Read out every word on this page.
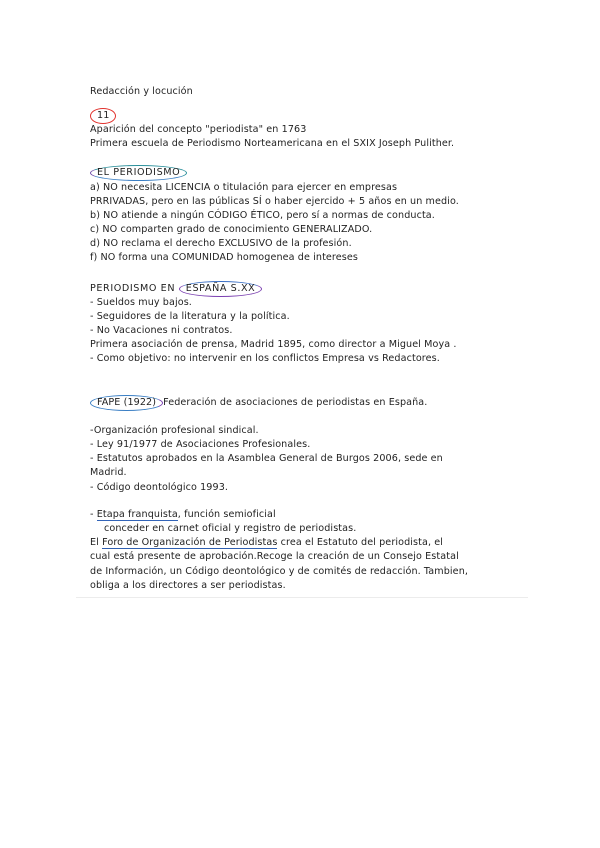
Redacción y locución
11
Aparición del concepto "periodista" en 1763
Primera escuela de Periodismo Norteamericana en el SXIX Joseph Pulither.
EL PERIODISMO
a) NO necesita LICENCIA o titulación para ejercer en empresas
PRRIVADAS, pero en las públicas SÍ o haber ejercido + 5 años en un medio.
b) NO atiende a ningún CÓDIGO ÉTICO, pero sí a normas de conducta.
c) NO comparten grado de conocimiento GENERALIZADO.
d) NO reclama el derecho EXCLUSIVO de la profesión.
f) NO forma una COMUNIDAD homogenea de intereses
PERIODISMO EN ESPAÑA S.XX
- Sueldos muy bajos.
- Seguidores de la literatura y la política.
- No Vacaciones ni contratos.
Primera asociación de prensa, Madrid 1895, como director a Miguel Moya .
- Como objetivo: no intervenir en los conflictos Empresa vs Redactores.
FAPE (1922) Federación de asociaciones de periodistas en España.
-Organización profesional sindical.
- Ley 91/1977 de Asociaciones Profesionales.
- Estatutos aprobados en la Asamblea General de Burgos 2006, sede en
Madrid.
- Código deontológico 1993.
- Etapa franquista, función semioficial
conceder en carnet oficial y registro de periodistas.
El Foro de Organización de Periodistas crea el Estatuto del periodista, el
cual está presente de aprobación.Recoge la creación de un Consejo Estatal
de Información, un Código deontológico y de comités de redacción. Tambien,
obliga a los directores a ser periodistas.
